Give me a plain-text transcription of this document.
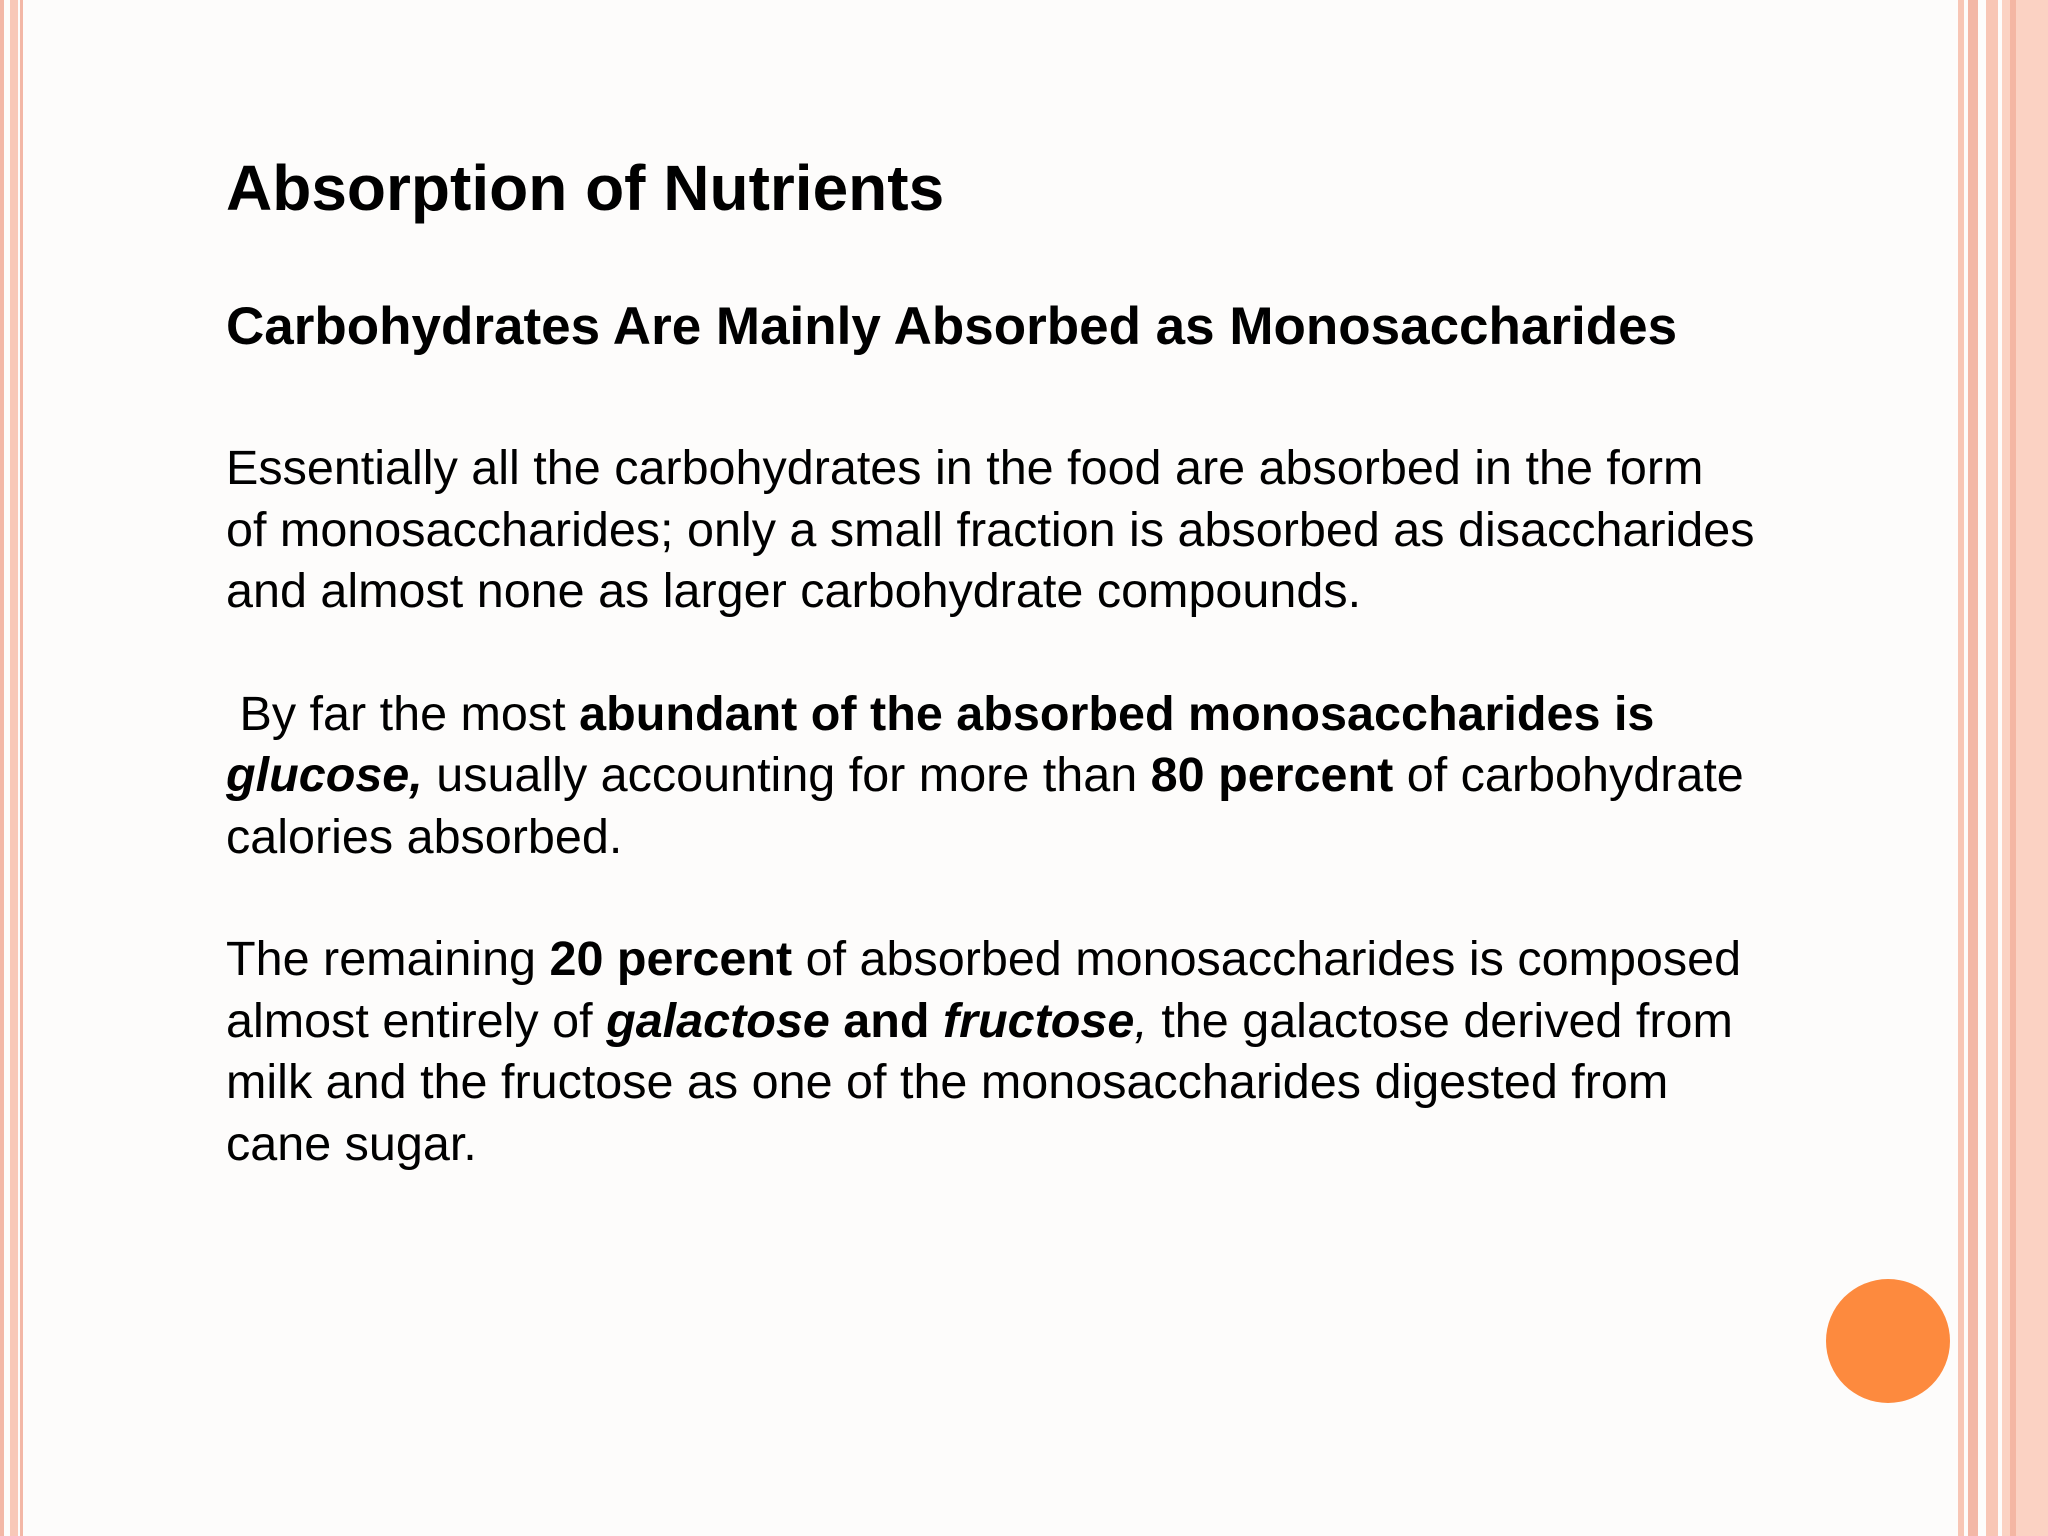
Absorption of Nutrients
Carbohydrates Are Mainly Absorbed as Monosaccharides

Essentially all the carbohydrates in the food are absorbed in the form
of monosaccharides; only a small fraction is absorbed as disaccharides
and almost none as larger carbohydrate compounds.

By far the most abundant of the absorbed monosaccharides is
glucose, usually accounting for more than 80 percent of carbohydrate
calories absorbed.

The remaining 20 percent of absorbed monosaccharides is composed
almost entirely of galactose and fructose, the galactose derived from
milk and the fructose as one of the monosaccharides digested from
cane sugar.
